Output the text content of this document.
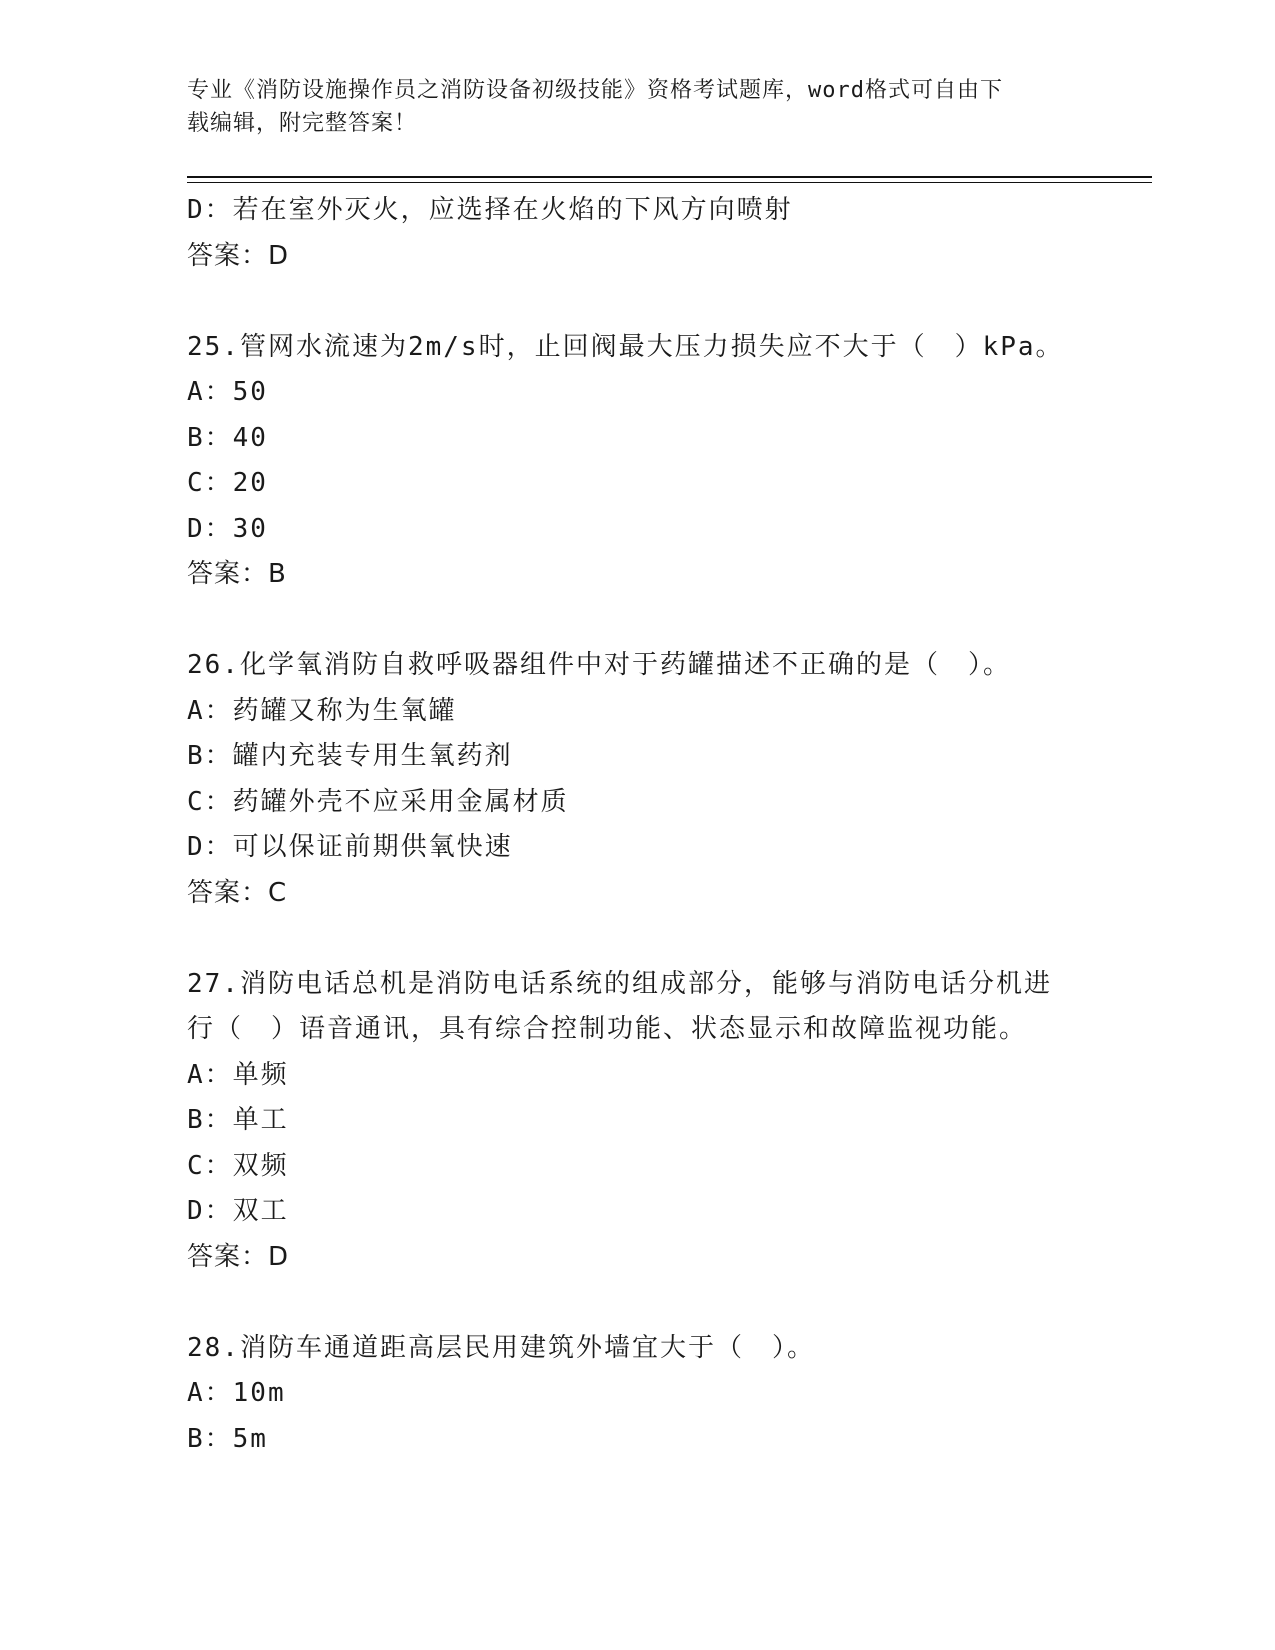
专业《消防设施操作员之消防设备初级技能》资格考试题库，word格式可自由下
载编辑，附完整答案！
D：若在室外灭火，应选择在火焰的下风方向喷射
答案：D
25.管网水流速为2m/s时，止回阀最大压力损失应不大于（　）kPa。
A：50
B：40
C：20
D：30
答案：B
26.化学氧消防自救呼吸器组件中对于药罐描述不正确的是（　）。
A：药罐又称为生氧罐
B：罐内充装专用生氧药剂
C：药罐外壳不应采用金属材质
D：可以保证前期供氧快速
答案：C
27.消防电话总机是消防电话系统的组成部分，能够与消防电话分机进
行（　）语音通讯，具有综合控制功能、状态显示和故障监视功能。
A：单频
B：单工
C：双频
D：双工
答案：D
28.消防车通道距高层民用建筑外墙宜大于（　）。
A：10m
B：5m
